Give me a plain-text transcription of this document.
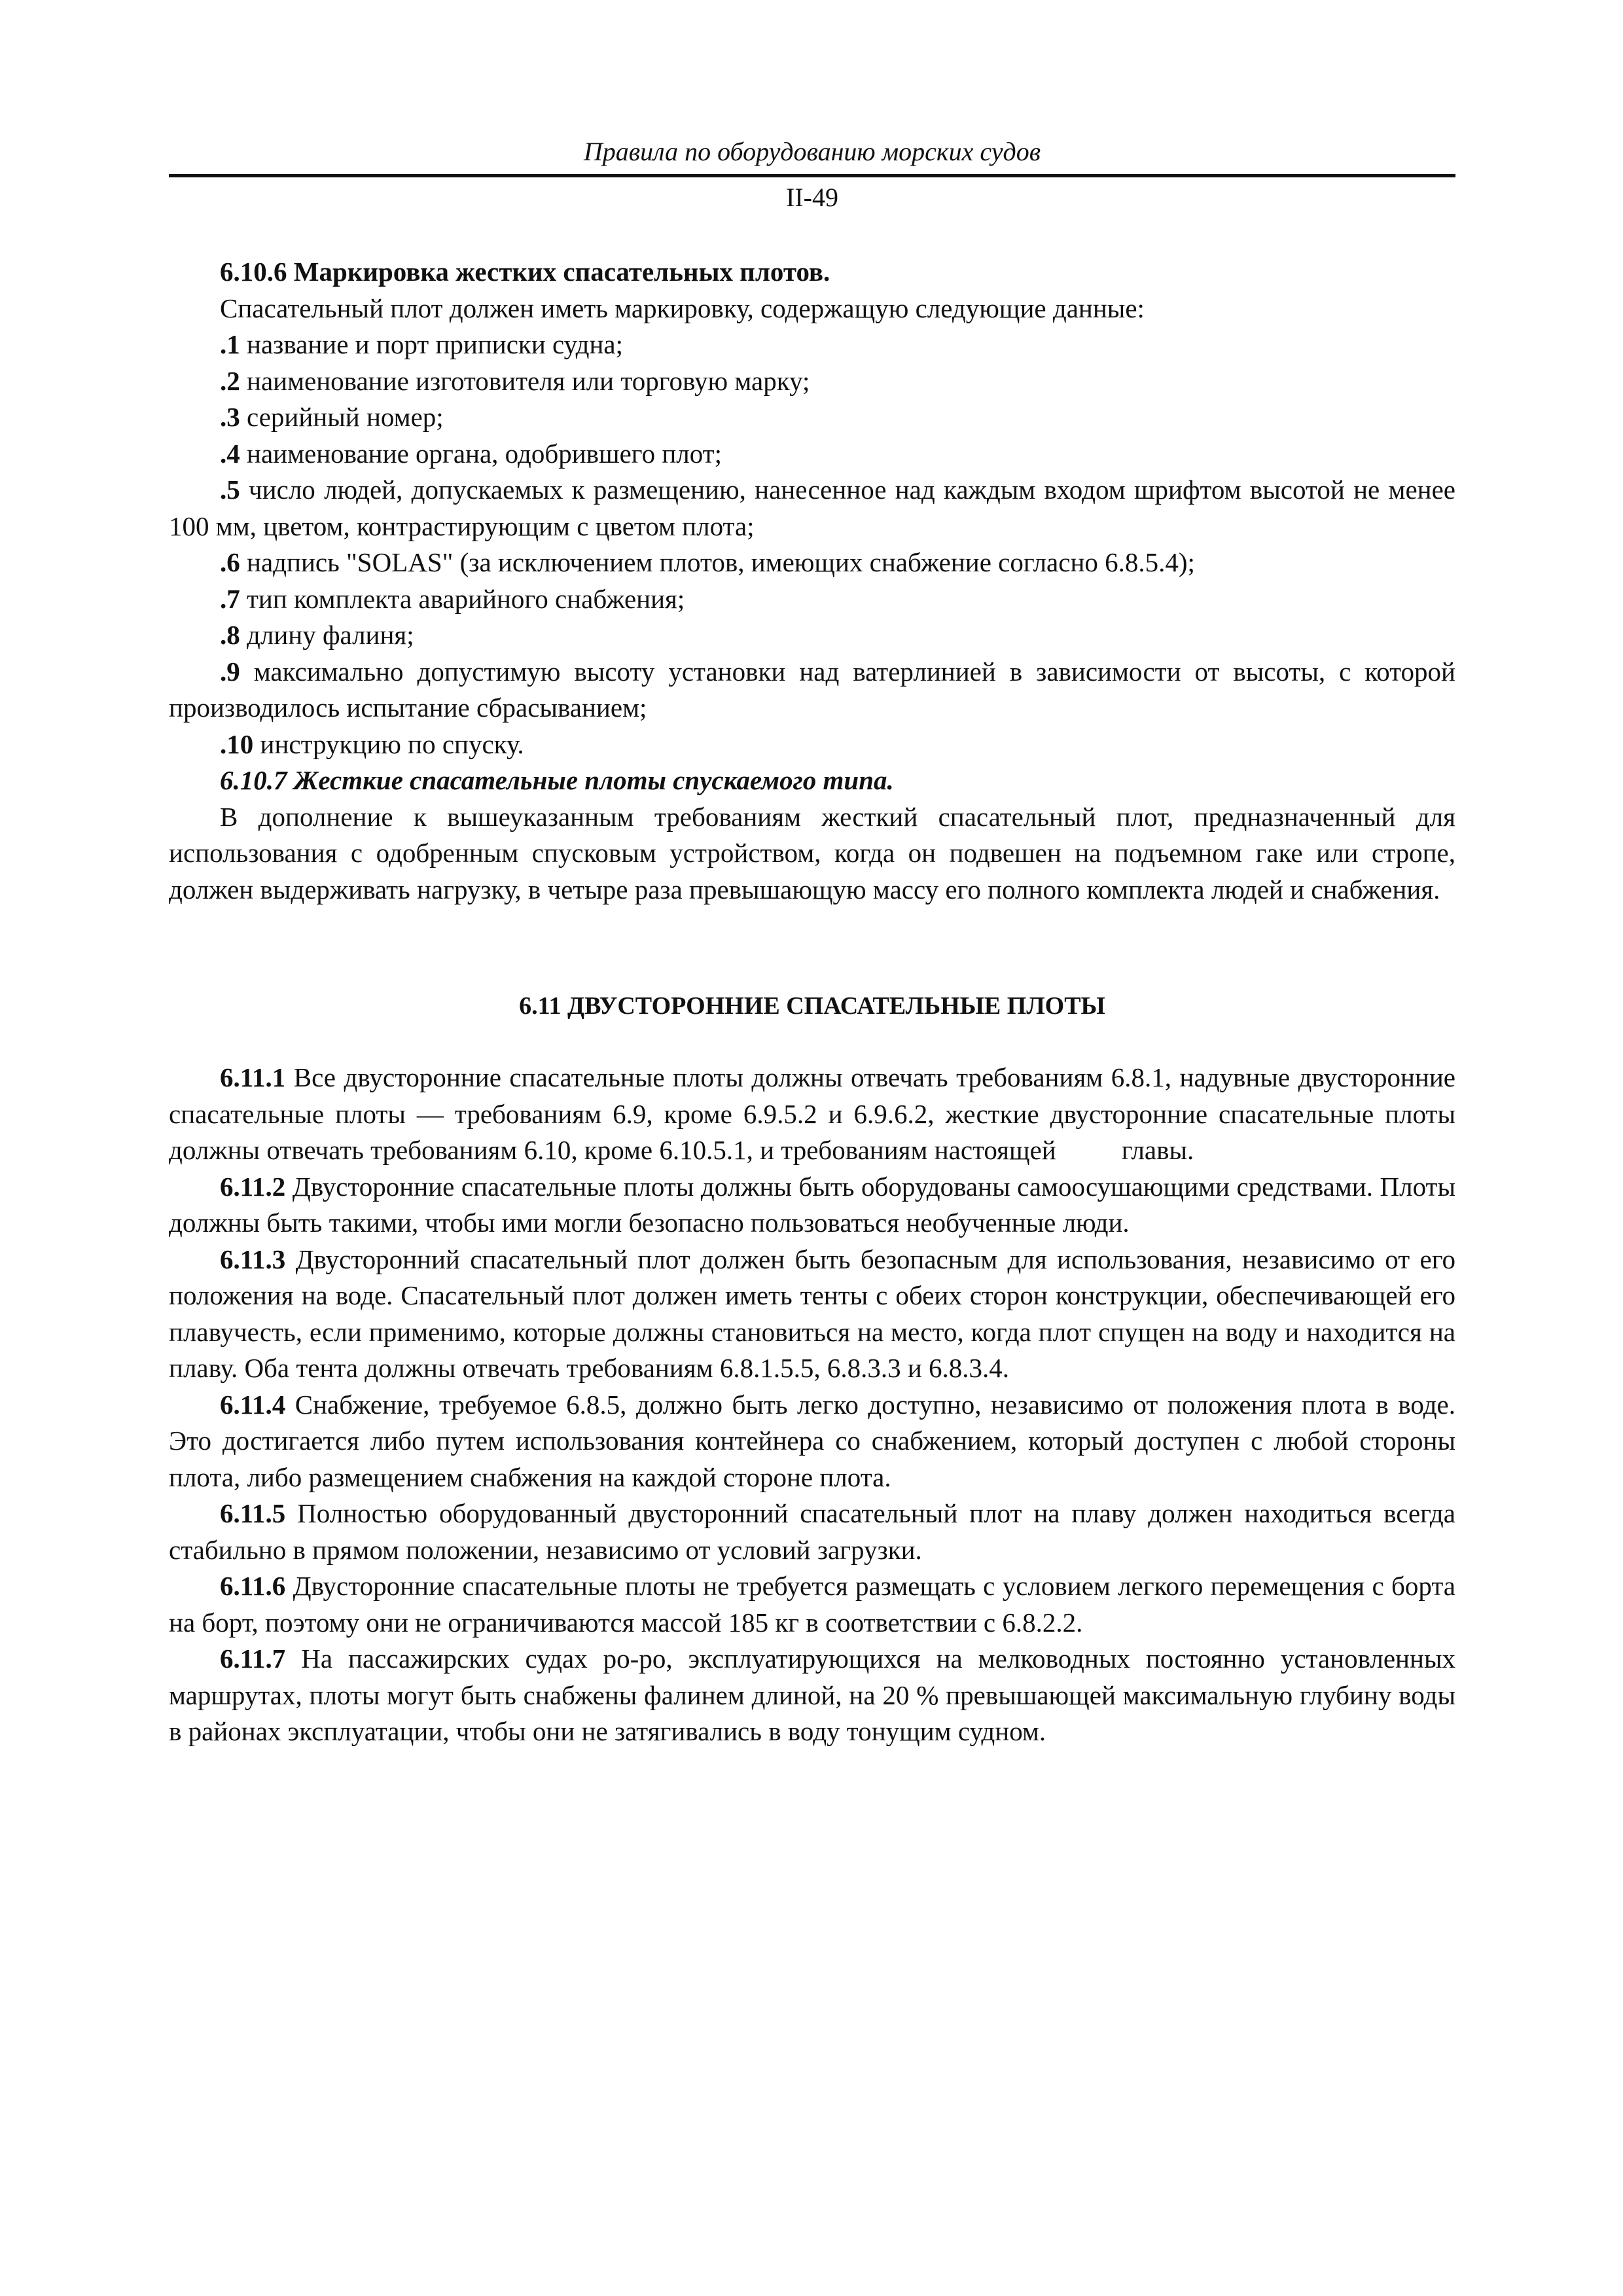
Правила по оборудованию морских судов
II-49

6.10.6 Маркировка жестких спасательных плотов.

Спасательный плот должен иметь маркировку, содержащую следующие данные:

.1 название и порт приписки судна;

.2 наименование изготовителя или торговую марку;

.3 серийный номер;

.4 наименование органа, одобрившего плот;

.5 число людей, допускаемых к размещению, нанесенное над каждым входом шрифтом высотой не менее 100 мм, цветом, контрастирующим с цветом плота;

.6 надпись "SOLAS" (за исключением плотов, имеющих снабжение согласно 6.8.5.4);

.7 тип комплекта аварийного снабжения;

.8 длину фалиня;

.9 максимально допустимую высоту установки над ватерлинией в зависимости от высоты, с которой производилось испытание сбрасыванием;

.10 инструкцию по спуску.

6.10.7 Жесткие спасательные плоты спускаемого типа.

В дополнение к вышеуказанным требованиям жесткий спасательный плот, предназначенный для использования с одобренным спусковым устройством, когда он подвешен на подъемном гаке или стропе, должен выдерживать нагрузку, в четыре раза превышающую массу его полного комплекта людей и снабжения.

6.11 ДВУСТОРОННИЕ СПАСАТЕЛЬНЫЕ ПЛОТЫ

6.11.1 Все двусторонние спасательные плоты должны отвечать требованиям 6.8.1, надувные двусторонние спасательные плоты — требованиям 6.9, кроме 6.9.5.2 и 6.9.6.2, жесткие двусторонние спасательные плоты должны отвечать требованиям 6.10, кроме 6.10.5.1, и требованиям настоящей главы.

6.11.2 Двусторонние спасательные плоты должны быть оборудованы самоосушающими средствами. Плоты должны быть такими, чтобы ими могли безопасно пользоваться необученные люди.

6.11.3 Двусторонний спасательный плот должен быть безопасным для использования, независимо от его положения на воде. Спасательный плот должен иметь тенты с обеих сторон конструкции, обеспечивающей его плавучесть, если применимо, которые должны становиться на место, когда плот спущен на воду и находится на плаву. Оба тента должны отвечать требованиям 6.8.1.5.5, 6.8.3.3 и 6.8.3.4.

6.11.4 Снабжение, требуемое 6.8.5, должно быть легко доступно, независимо от положения плота в воде. Это достигается либо путем использования контейнера со снабжением, который доступен с любой стороны плота, либо размещением снабжения на каждой стороне плота.

6.11.5 Полностью оборудованный двусторонний спасательный плот на плаву должен находиться всегда стабильно в прямом положении, независимо от условий загрузки.

6.11.6 Двусторонние спасательные плоты не требуется размещать с условием легкого перемещения с борта на борт, поэтому они не ограничиваются массой 185 кг в соответствии с 6.8.2.2.

6.11.7 На пассажирских судах ро-ро, эксплуатирующихся на мелководных постоянно установленных маршрутах, плоты могут быть снабжены фалинем длиной, на 20 % превышающей максимальную глубину воды в районах эксплуатации, чтобы они не затягивались в воду тонущим судном.
